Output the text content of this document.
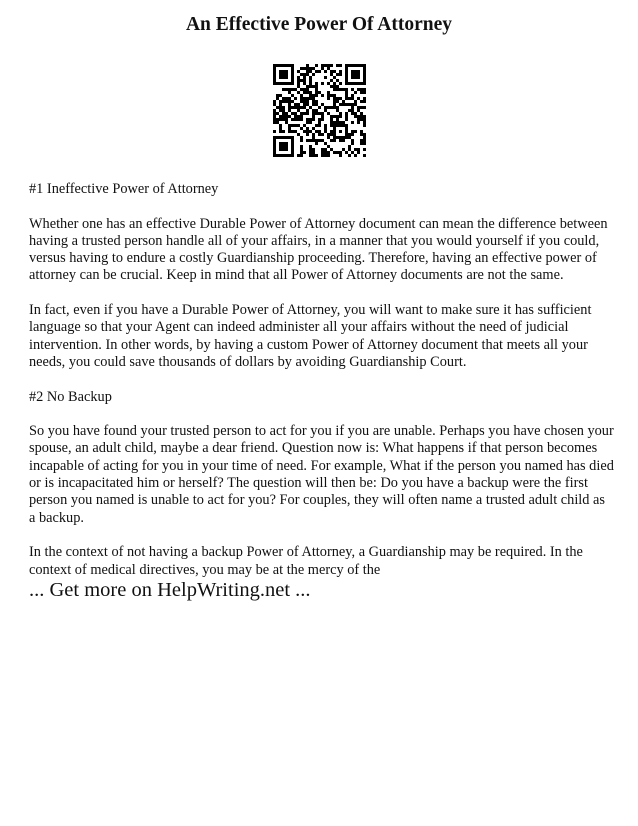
An Effective Power Of Attorney

#1 Ineffective Power of Attorney

Whether one has an effective Durable Power of Attorney document can mean the difference between having a trusted person handle all of your affairs, in a manner that you would yourself if you could, versus having to endure a costly Guardianship proceeding. Therefore, having an effective power of attorney can be crucial. Keep in mind that all Power of Attorney documents are not the same.

In fact, even if you have a Durable Power of Attorney, you will want to make sure it has sufficient language so that your Agent can indeed administer all your affairs without the need of judicial intervention. In other words, by having a custom Power of Attorney document that meets all your needs, you could save thousands of dollars by avoiding Guardianship Court.

#2 No Backup

So you have found your trusted person to act for you if you are unable. Perhaps you have chosen your spouse, an adult child, maybe a dear friend. Question now is: What happens if that person becomes incapable of acting for you in your time of need. For example, What if the person you named has died or is incapacitated him or herself? The question will then be: Do you have a backup were the first person you named is unable to act for you? For couples, they will often name a trusted adult child as a backup.

In the context of not having a backup Power of Attorney, a Guardianship may be required. In the context of medical directives, you may be at the mercy of the

... Get more on HelpWriting.net ...
